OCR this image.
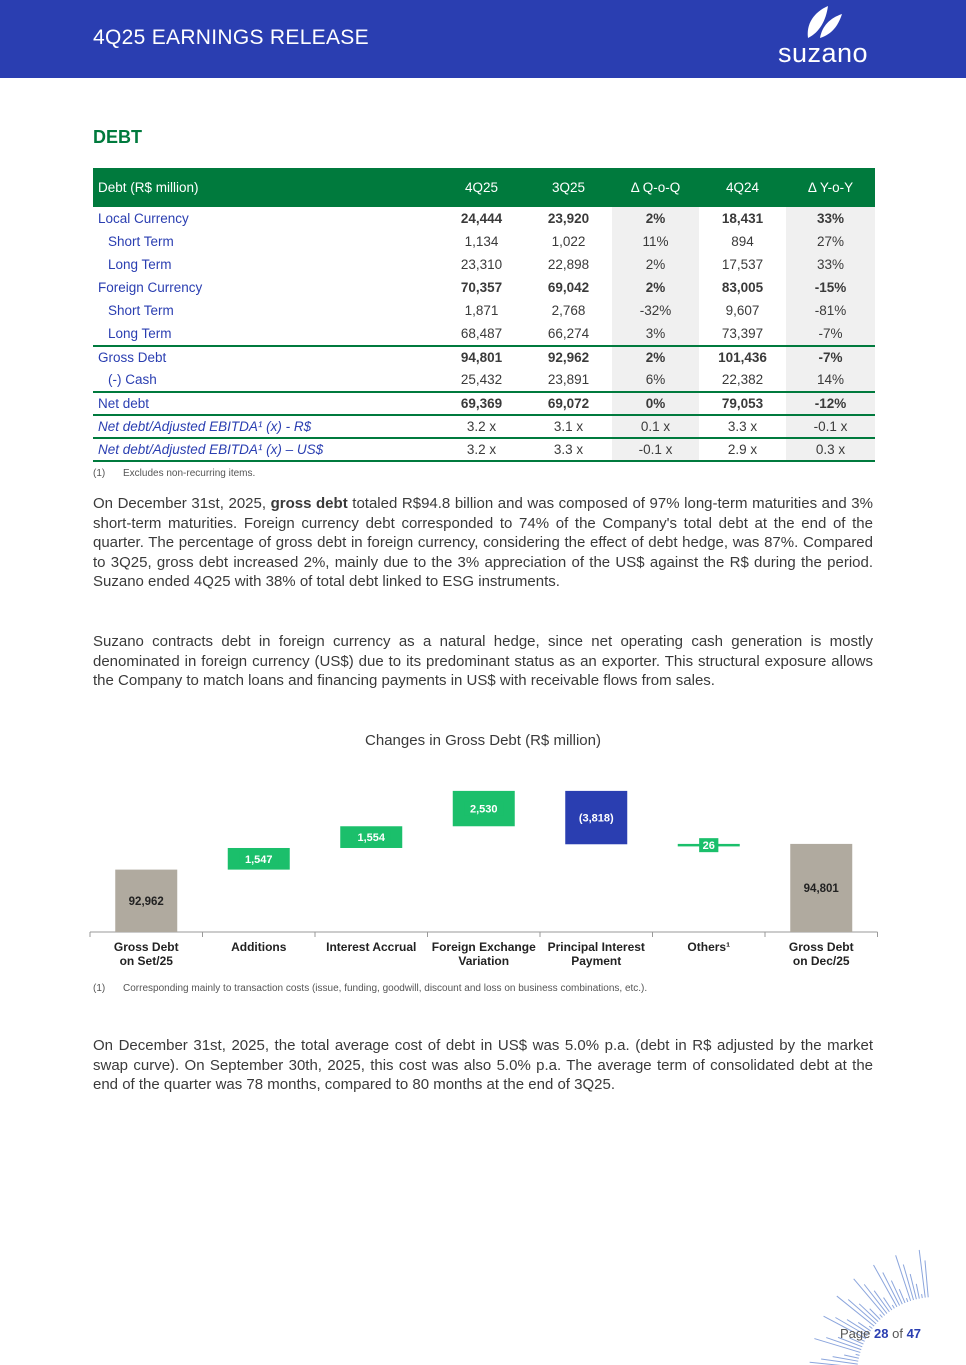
4Q25 EARNINGS RELEASE
suzano
DEBT
Debt (R$ million)	4Q25	3Q25	Δ Q-o-Q	4Q24	Δ Y-o-Y
Local Currency	24,444	23,920	2%	18,431	33%
Short Term	1,134	1,022	11%	894	27%
Long Term	23,310	22,898	2%	17,537	33%
Foreign Currency	70,357	69,042	2%	83,005	-15%
Short Term	1,871	2,768	-32%	9,607	-81%
Long Term	68,487	66,274	3%	73,397	-7%
Gross Debt	94,801	92,962	2%	101,436	-7%
(-) Cash	25,432	23,891	6%	22,382	14%
Net debt	69,369	69,072	0%	79,053	-12%
Net debt/Adjusted EBITDA¹ (x) - R$	3.2 x	3.1 x	0.1 x	3.3 x	-0.1 x
Net debt/Adjusted EBITDA¹ (x) – US$	3.2 x	3.3 x	-0.1 x	2.9 x	0.3 x
(1) Excludes non-recurring items.

On December 31st, 2025, gross debt totaled R$94.8 billion and was composed of 97% long-term maturities and 3% short-term maturities. Foreign currency debt corresponded to 74% of the Company's total debt at the end of the quarter. The percentage of gross debt in foreign currency, considering the effect of debt hedge, was 87%. Compared to 3Q25, gross debt increased 2%, mainly due to the 3% appreciation of the US$ against the R$ during the period. Suzano ended 4Q25 with 38% of total debt linked to ESG instruments.

Suzano contracts debt in foreign currency as a natural hedge, since net operating cash generation is mostly denominated in foreign currency (US$) due to its predominant status as an exporter. This structural exposure allows the Company to match loans and financing payments in US$ with receivable flows from sales.

Changes in Gross Debt (R$ million)
92,962
Gross Debt
on Set/25
1,547
Additions
1,554
Interest Accrual
2,530
Foreign Exchange
Variation
(3,818)
Principal Interest
Payment
26
Others¹
94,801
Gross Debt
on Dec/25
(1) Corresponding mainly to transaction costs (issue, funding, goodwill, discount and loss on business combinations, etc.).

On December 31st, 2025, the total average cost of debt in US$ was 5.0% p.a. (debt in R$ adjusted by the market swap curve). On September 30th, 2025, this cost was also 5.0% p.a. The average term of consolidated debt at the end of the quarter was 78 months, compared to 80 months at the end of 3Q25.

Page 28 of 47
